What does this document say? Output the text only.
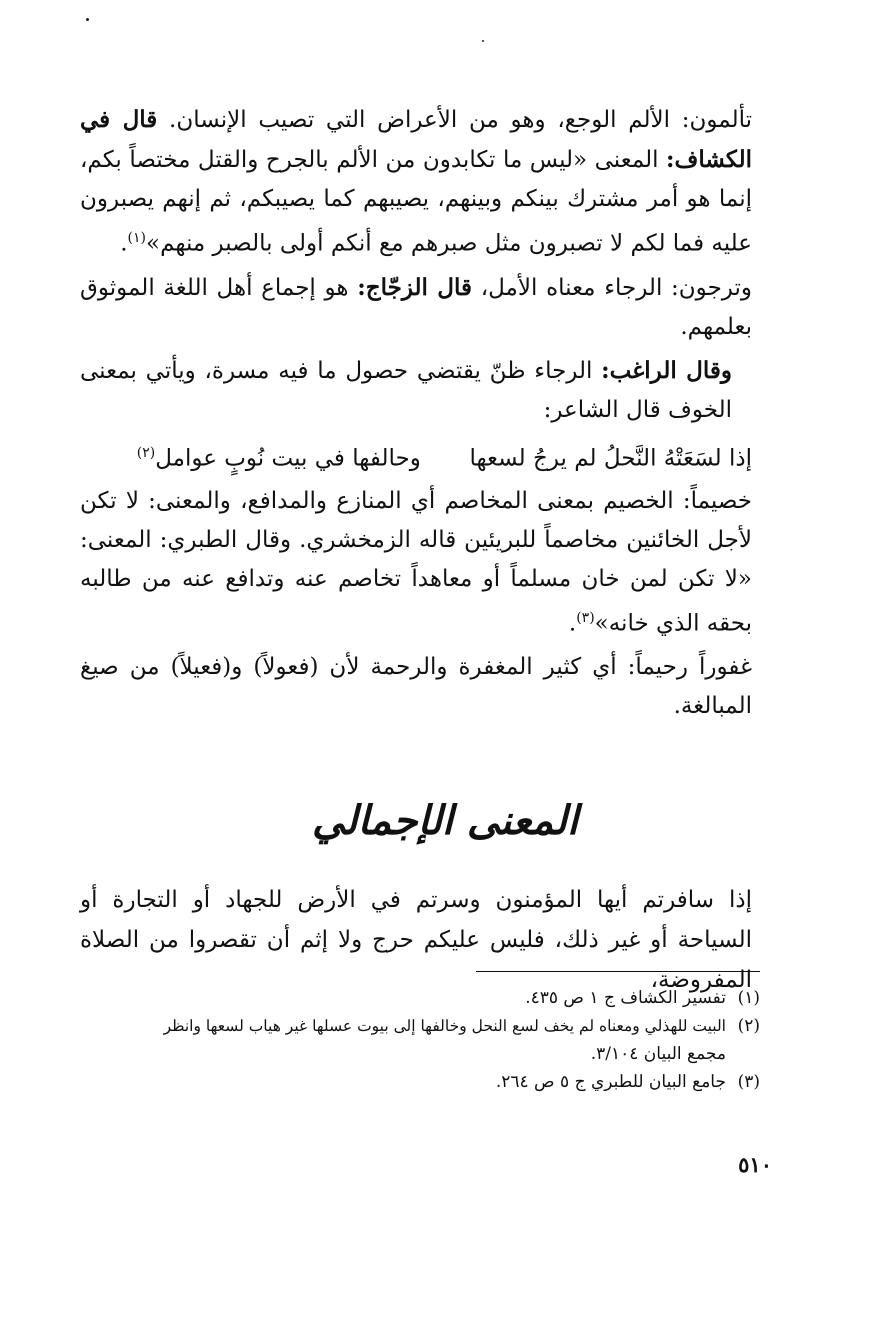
تألمون: الألم الوجع، وهو من الأعراض التي تصيب الإنسان. قال في الكشاف: المعنى «ليس ما تكابدون من الألم بالجرح والقتل مختصاً بكم، إنما هو أمر مشترك بينكم وبينهم، يصيبهم كما يصيبكم، ثم إنهم يصبرون عليه فما لكم لا تصبرون مثل صبرهم مع أنكم أولى بالصبر منهم»$^{(١)}$.

وترجون: الرجاء معناه الأمل، قال الزجّاج: هو إجماع أهل اللغة الموثوق بعلمهم.

وقال الراغب: الرجاء ظنّ يقتضي حصول ما فيه مسرة، ويأتي بمعنى الخوف قال الشاعر:

إذا لسَعَتْهُ النَّحلُ لم يرجُ لسعها  وحالفها في بيت نُوبٍ عوامل$^{(٢)}$

خصيماً: الخصيم بمعنى المخاصم أي المنازع والمدافع، والمعنى: لا تكن لأجل الخائنين مخاصماً للبريئين قاله الزمخشري. وقال الطبري: المعنى: «لا تكن لمن خان مسلماً أو معاهداً تخاصم عنه وتدافع عنه من طالبه بحقه الذي خانه»$^{(٣)}$.

غفوراً رحيماً: أي كثير المغفرة والرحمة لأن (فعولاً) و(فعيلاً) من صيغ المبالغة.

المعنى الإجمالي
إذا سافرتم أيها المؤمنون وسرتم في الأرض للجهاد أو التجارة أو السياحة أو غير ذلك، فليس عليكم حرج ولا إثم أن تقصروا من الصلاة المفروضة،

(١)تفسير الكشاف ج ١ ص ٤٣٥.

(٢)البيت للهذلي ومعناه لم يخف لسع النحل وخالفها إلى بيوت عسلها غير هياب لسعها وانظر

مجمع البيان ٣/١٠٤.

(٣)جامع البيان للطبري ج ٥ ص ٢٦٤.

٥١٠
